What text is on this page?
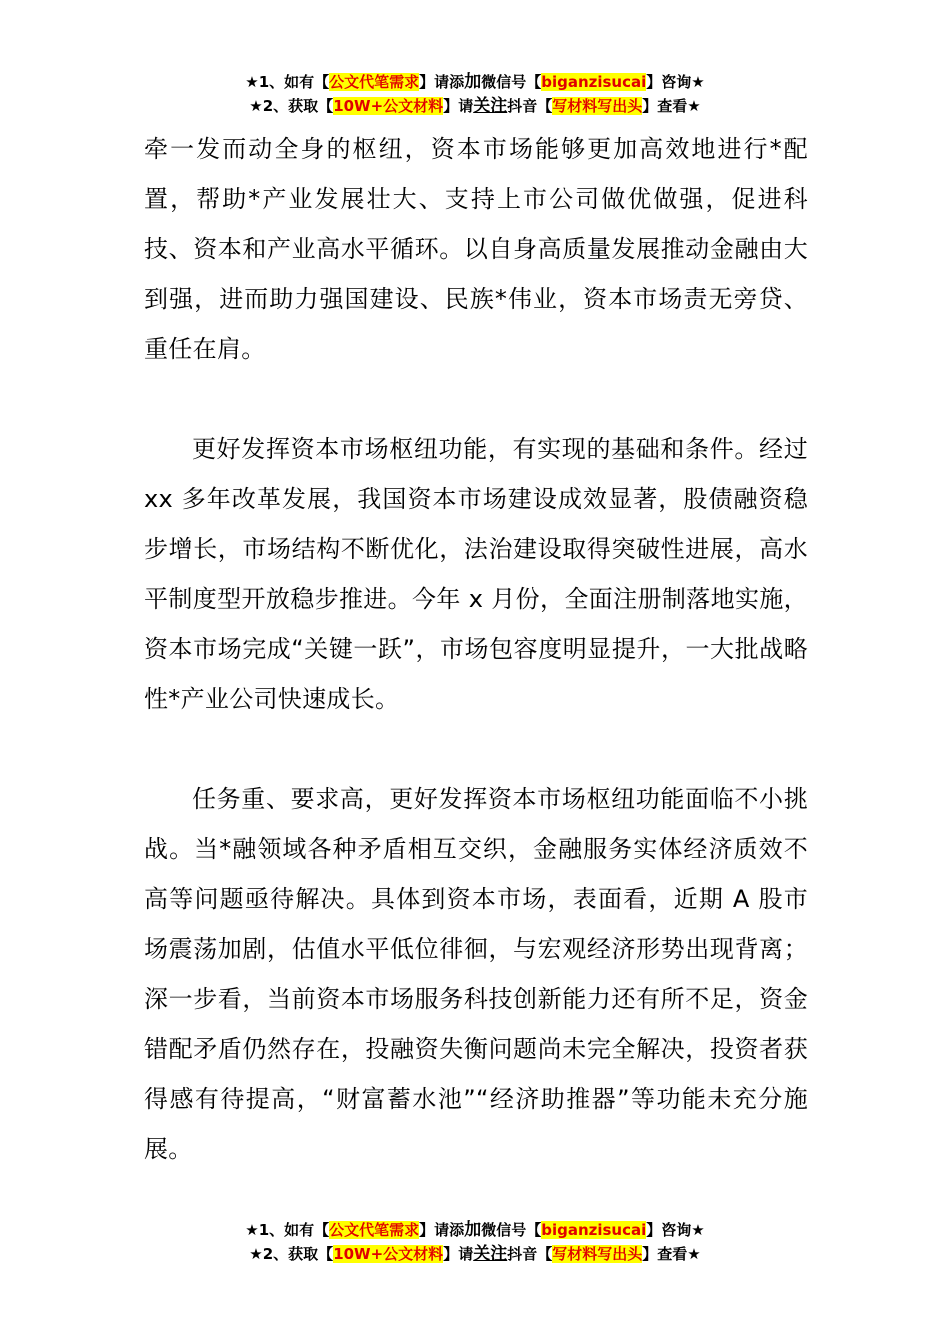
★1、如有【公文代笔需求】请添加微信号【biganzisucai】咨询★
★2、获取【10W+公文材料】请关注抖音【写材料写出头】查看★

牵一发而动全身的枢纽，资本市场能够更加高效地进行*配置，帮助*产业发展壮大、支持上市公司做优做强，促进科技、资本和产业高水平循环。以自身高质量发展推动金融由大到强，进而助力强国建设、民族*伟业，资本市场责无旁贷、重任在肩。

更好发挥资本市场枢纽功能，有实现的基础和条件。经过 xx 多年改革发展，我国资本市场建设成效显著，股债融资稳步增长，市场结构不断优化，法治建设取得突破性进展，高水平制度型开放稳步推进。今年 x 月份，全面注册制落地实施，资本市场完成“关键一跃”，市场包容度明显提升，一大批战略性*产业公司快速成长。

任务重、要求高，更好发挥资本市场枢纽功能面临不小挑战。当*融领域各种矛盾相互交织，金融服务实体经济质效不高等问题亟待解决。具体到资本市场，表面看，近期 A 股市场震荡加剧，估值水平低位徘徊，与宏观经济形势出现背离；深一步看，当前资本市场服务科技创新能力还有所不足，资金错配矛盾仍然存在，投融资失衡问题尚未完全解决，投资者获得感有待提高，“财富蓄水池”“经济助推器”等功能未充分施展。

★1、如有【公文代笔需求】请添加微信号【biganzisucai】咨询★
★2、获取【10W+公文材料】请关注抖音【写材料写出头】查看★
